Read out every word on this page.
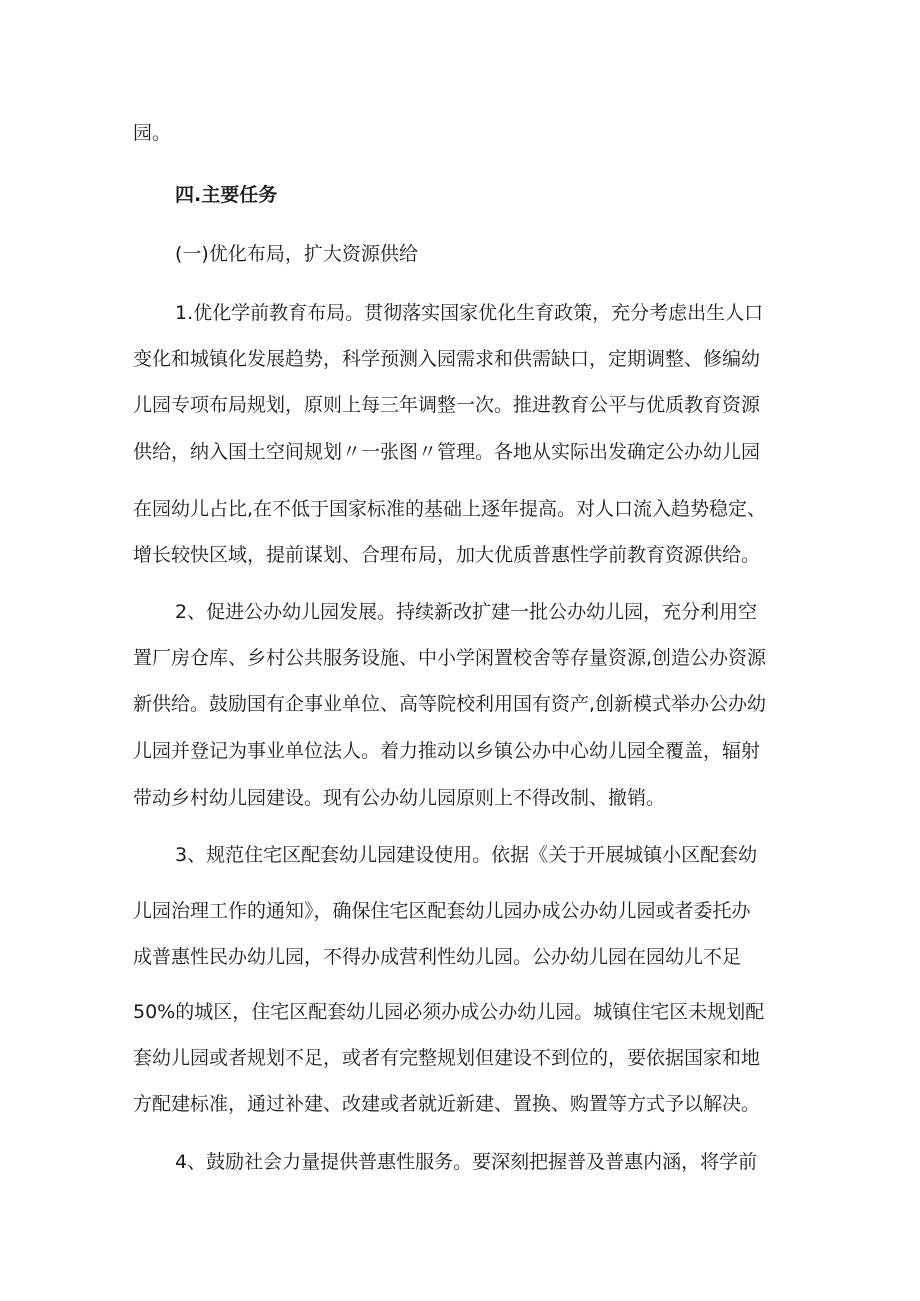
园。
四.主要任务
(一)优化布局，扩大资源供给
1.优化学前教育布局。贯彻落实国家优化生育政策，充分考虑出生人口
变化和城镇化发展趋势，科学预测入园需求和供需缺口，定期调整、修编幼
儿园专项布局规划，原则上每三年调整一次。推进教育公平与优质教育资源
供给，纳入国土空间规划〃一张图〃管理。各地从实际出发确定公办幼儿园
在园幼儿占比,在不低于国家标准的基础上逐年提高。对人口流入趋势稳定、
增长较快区域，提前谋划、合理布局，加大优质普惠性学前教育资源供给。
2、促进公办幼儿园发展。持续新改扩建一批公办幼儿园，充分利用空
置厂房仓库、乡村公共服务设施、中小学闲置校舍等存量资源,创造公办资源
新供给。鼓励国有企事业单位、高等院校利用国有资产,创新模式举办公办幼
儿园并登记为事业单位法人。着力推动以乡镇公办中心幼儿园全覆盖，辐射
带动乡村幼儿园建设。现有公办幼儿园原则上不得改制、撤销。
3、规范住宅区配套幼儿园建设使用。依据《关于开展城镇小区配套幼
儿园治理工作的通知》，确保住宅区配套幼儿园办成公办幼儿园或者委托办
成普惠性民办幼儿园，不得办成营利性幼儿园。公办幼儿园在园幼儿不足
50%的城区，住宅区配套幼儿园必须办成公办幼儿园。城镇住宅区未规划配
套幼儿园或者规划不足，或者有完整规划但建设不到位的，要依据国家和地
方配建标准，通过补建、改建或者就近新建、置换、购置等方式予以解决。
4、鼓励社会力量提供普惠性服务。要深刻把握普及普惠内涵，将学前
